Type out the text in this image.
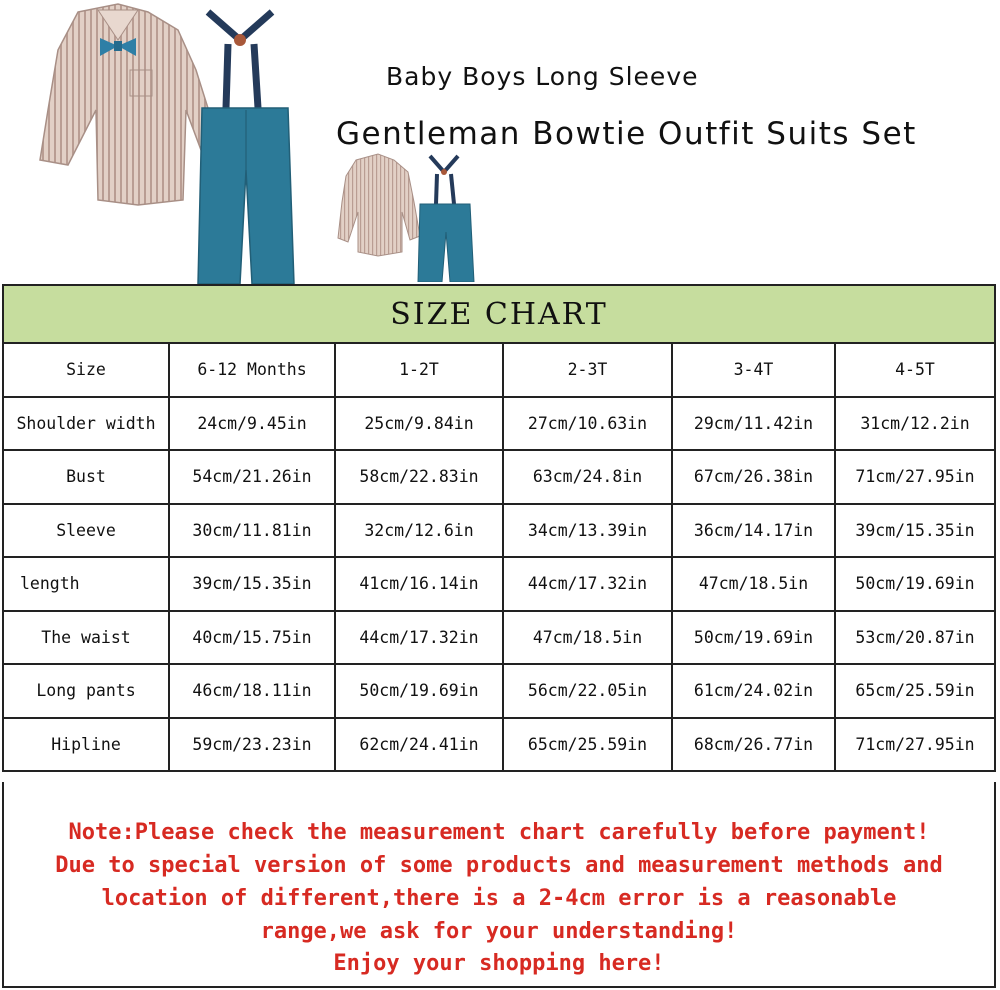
Baby Boys Long Sleeve
Gentleman Bowtie Outfit Suits Set
SIZE CHART
Size	6-12 Months	1-2T	2-3T	3-4T	4-5T
Shoulder width	24cm/9.45in	25cm/9.84in	27cm/10.63in	29cm/11.42in	31cm/12.2in
Bust	54cm/21.26in	58cm/22.83in	63cm/24.8in	67cm/26.38in	71cm/27.95in
Sleeve	30cm/11.81in	32cm/12.6in	34cm/13.39in	36cm/14.17in	39cm/15.35in
length	39cm/15.35in	41cm/16.14in	44cm/17.32in	47cm/18.5in	50cm/19.69in
The waist	40cm/15.75in	44cm/17.32in	47cm/18.5in	50cm/19.69in	53cm/20.87in
Long pants	46cm/18.11in	50cm/19.69in	56cm/22.05in	61cm/24.02in	65cm/25.59in
Hipline	59cm/23.23in	62cm/24.41in	65cm/25.59in	68cm/26.77in	71cm/27.95in
Note:Please check the measurement chart carefully before payment!
Due to special version of some products and measurement methods and
location of different,there is a 2-4cm error is a reasonable
range,we ask for your understanding!
Enjoy your shopping here!
